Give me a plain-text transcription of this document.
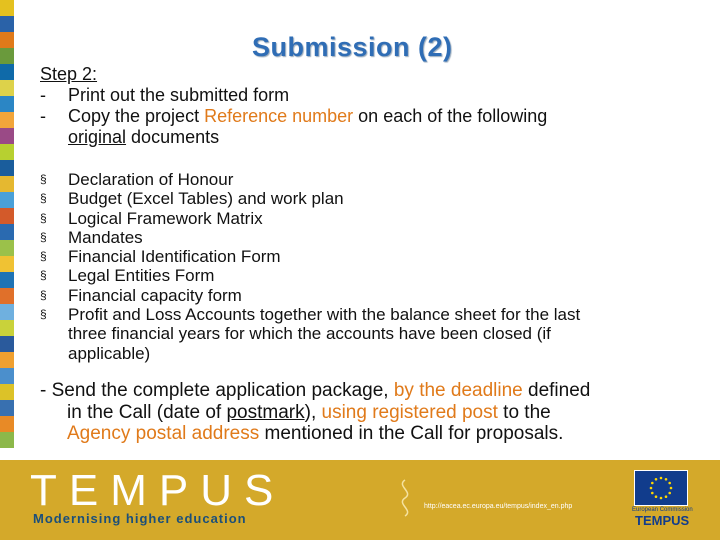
Submission (2)
Step 2:
-	Print out the submitted form
-	Copy the project Reference number on each of the following
original documents
§	Declaration of Honour
§	Budget (Excel Tables) and work plan
§	Logical Framework Matrix
§	Mandates
§	Financial Identification Form
§	Legal Entities Form
§	Financial capacity form
§	Profit and Loss Accounts together with the balance sheet for the last
three financial years for which the accounts have been closed (if
applicable)
- Send the complete application package, by the deadline defined
in the Call (date of postmark), using registered post to the
Agency postal address mentioned in the Call for proposals.
TEMPUS
Modernising higher education
http://eacea.ec.europa.eu/tempus/index_en.php	European Commission
TEMPUS
